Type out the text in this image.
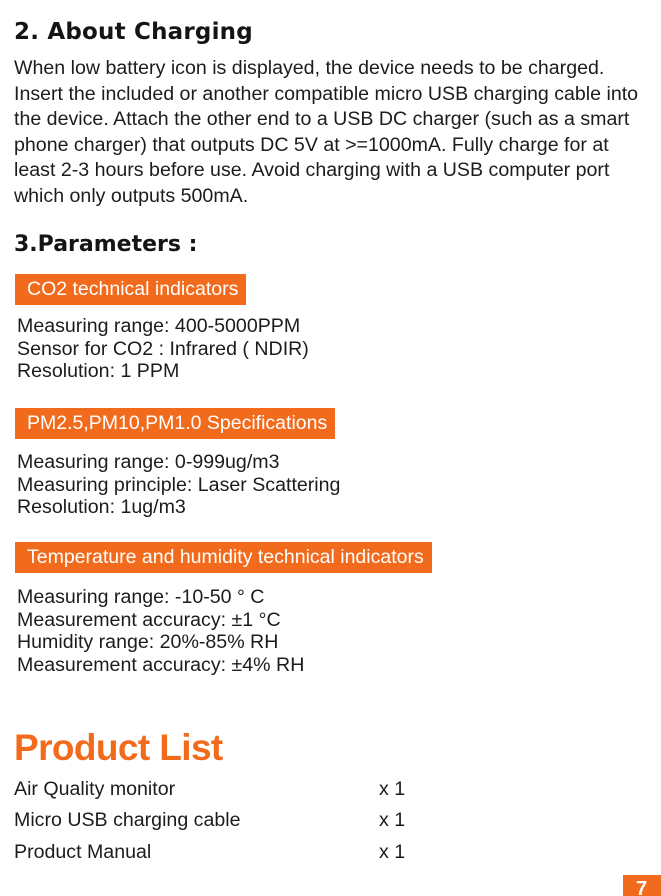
2. About Charging
When low battery icon is displayed, the device needs to be charged. Insert the included or another compatible micro USB charging cable into the device. Attach the other end to a USB DC charger (such as a smart phone charger) that outputs DC 5V at >=1000mA. Fully charge for at least 2-3 hours before use. Avoid charging with a USB computer port which only outputs 500mA.
3.Parameters :
CO2 technical indicators
Measuring range: 400-5000PPM
Sensor for CO2 : Infrared ( NDIR)
Resolution: 1 PPM
PM2.5,PM10,PM1.0 Specifications
Measuring range: 0-999ug/m3
Measuring principle: Laser Scattering
Resolution: 1ug/m3
Temperature and humidity technical indicators
Measuring range: -10-50 ° C
Measurement accuracy: ±1 °C
Humidity range: 20%-85% RH
Measurement accuracy: ±4% RH
Product List
Air Quality monitor	x 1
Micro USB charging cable	x 1
Product Manual	x 1
7
